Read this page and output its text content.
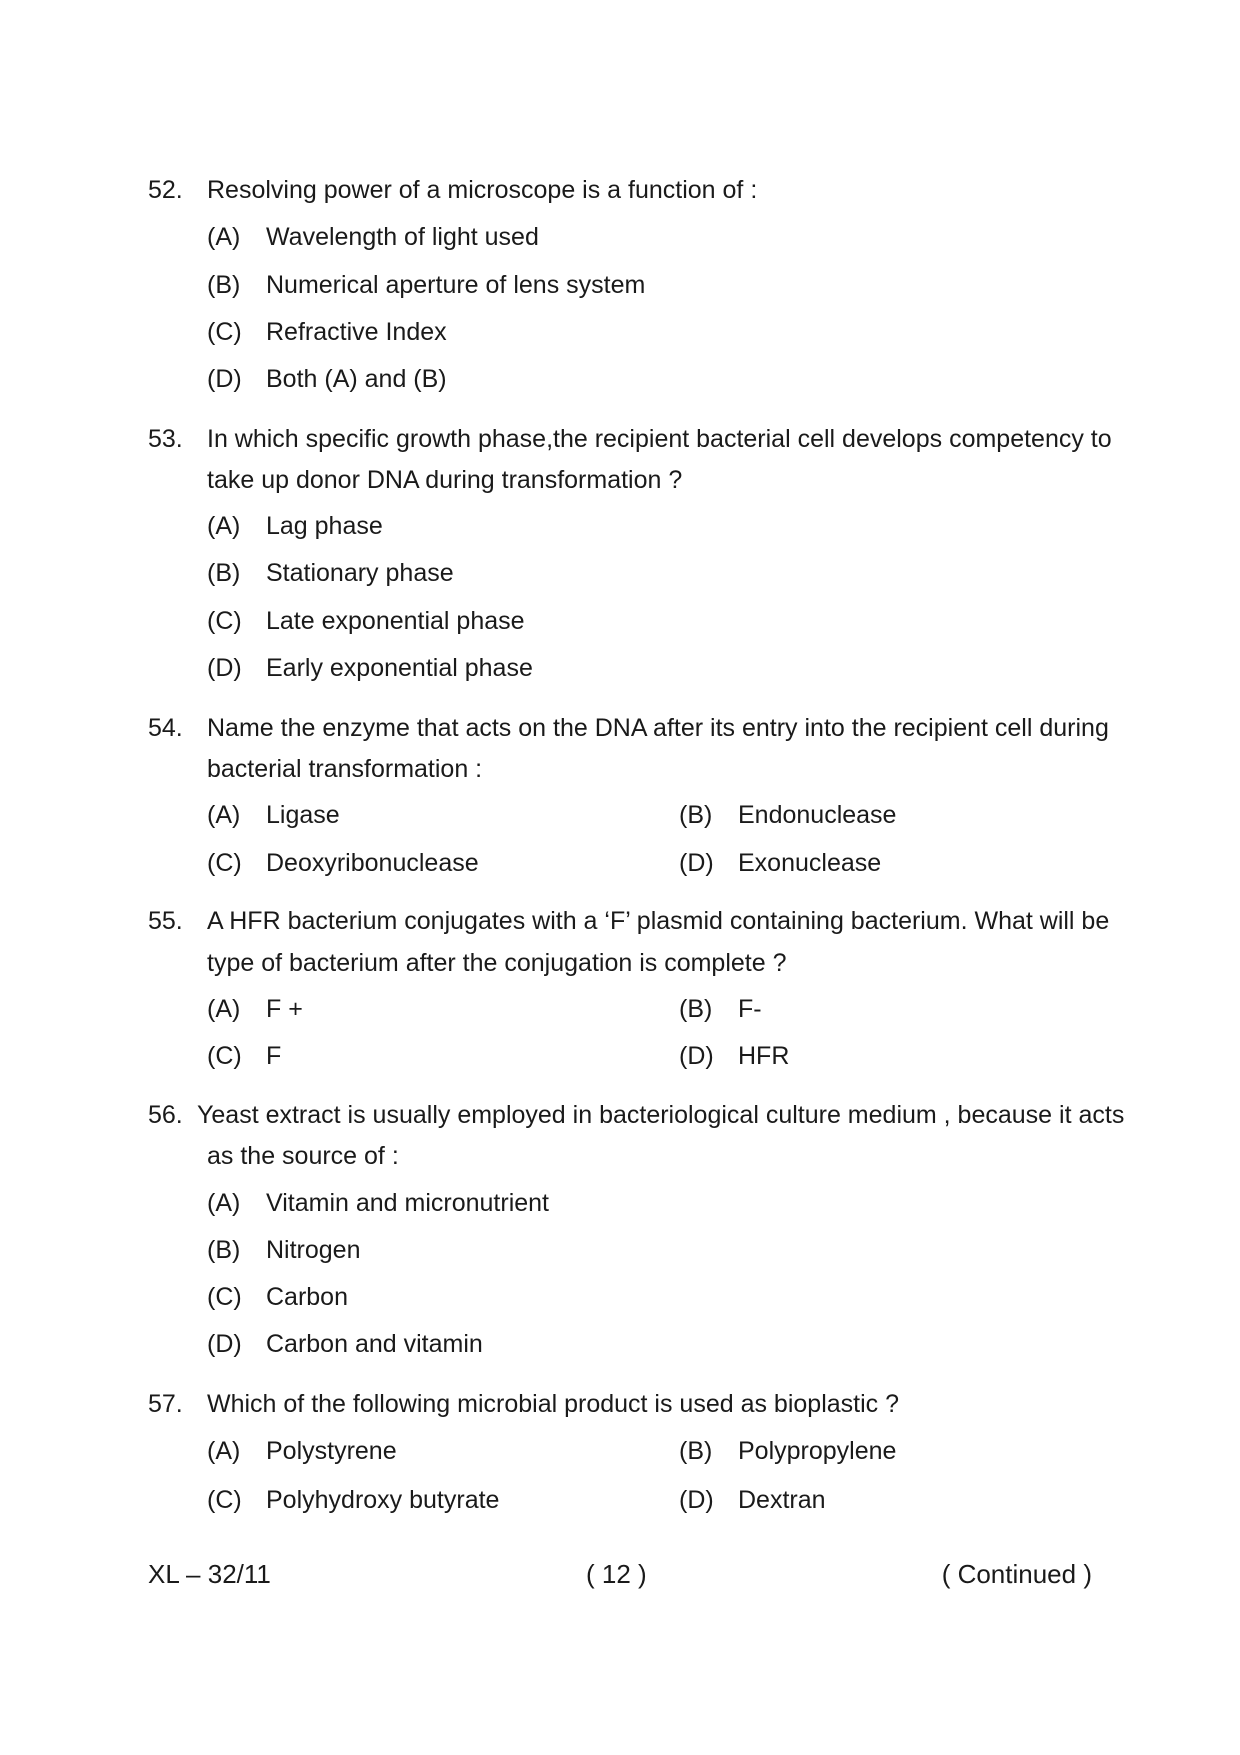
52. Resolving power of a microscope is a function of :
(A) Wavelength of light used
(B) Numerical aperture of lens system
(C) Refractive Index
(D) Both (A) and (B)
53. In which specific growth phase,the recipient bacterial cell develops competency to
take up donor DNA during transformation ?
(A) Lag phase
(B) Stationary phase
(C) Late exponential phase
(D) Early exponential phase
54. Name the enzyme that acts on the DNA after its entry into the recipient cell during
bacterial transformation :
(A) Ligase	(B) Endonuclease
(C) Deoxyribonuclease	(D) Exonuclease
55. A HFR bacterium conjugates with a ‘F’ plasmid containing bacterium. What will be
type of bacterium after the conjugation is complete ?
(A) F +	(B) F-
(C) F	(D) HFR
56. Yeast extract is usually employed in bacteriological culture medium , because it acts
as the source of :
(A) Vitamin and micronutrient
(B) Nitrogen
(C) Carbon
(D) Carbon and vitamin
57. Which of the following microbial product is used as bioplastic ?
(A) Polystyrene	(B) Polypropylene
(C) Polyhydroxy butyrate	(D) Dextran
XL – 32/11	( 12 )	( Continued )
